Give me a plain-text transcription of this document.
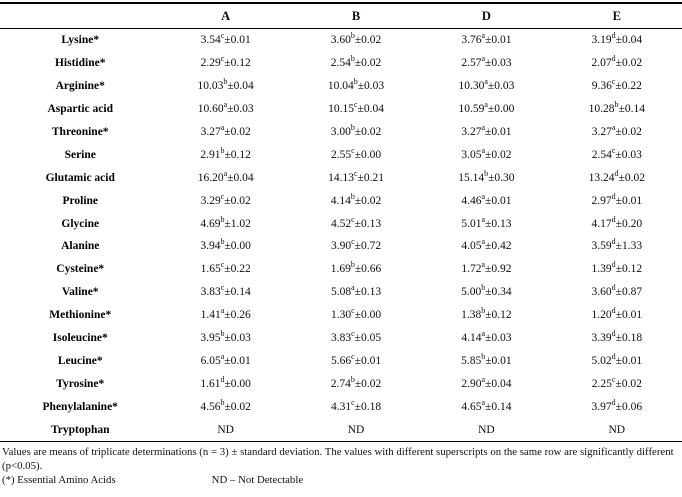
	A	B	D	E
Lysine*	3.54$^c$±0.01	3.60$^b$±0.02	3.76$^a$±0.01	3.19$^d$±0.04
Histidine*	2.29$^c$±0.12	2.54$^b$±0.02	2.57$^a$±0.03	2.07$^d$±0.02
Arginine*	10.03$^b$±0.04	10.04$^b$±0.03	10.30$^a$±0.03	9.36$^c$±0.22
Aspartic acid	10.60$^a$±0.03	10.15$^c$±0.04	10.59$^a$±0.00	10.28$^b$±0.14
Threonine*	3.27$^a$±0.02	3.00$^b$±0.02	3.27$^a$±0.01	3.27$^a$±0.02
Serine	2.91$^b$±0.12	2.55$^c$±0.00	3.05$^a$±0.02	2.54$^c$±0.03
Glutamic acid	16.20$^a$±0.04	14.13$^c$±0.21	15.14$^b$±0.30	13.24$^d$±0.02
Proline	3.29$^c$±0.02	4.14$^b$±0.02	4.46$^a$±0.01	2.97$^d$±0.01
Glycine	4.69$^b$±1.02	4.52$^c$±0.13	5.01$^a$±0.13	4.17$^d$±0.20
Alanine	3.94$^b$±0.00	3.90$^c$±0.72	4.05$^a$±0.42	3.59$^d$±1.33
Cysteine*	1.65$^c$±0.22	1.69$^b$±0.66	1.72$^a$±0.92	1.39$^d$±0.12
Valine*	3.83$^c$±0.14	5.08$^a$±0.13	5.00$^b$±0.34	3.60$^d$±0.87
Methionine*	1.41$^a$±0.26	1.30$^c$±0.00	1.38$^b$±0.12	1.20$^d$±0.01
Isoleucine*	3.95$^b$±0.03	3.83$^c$±0.05	4.14$^a$±0.03	3.39$^d$±0.18
Leucine*	6.05$^a$±0.01	5.66$^c$±0.01	5.85$^b$±0.01	5.02$^d$±0.01
Tyrosine*	1.61$^d$±0.00	2.74$^b$±0.02	2.90$^a$±0.04	2.25$^c$±0.02
Phenylalanine*	4.56$^b$±0.02	4.31$^c$±0.18	4.65$^a$±0.14	3.97$^d$±0.06
Tryptophan	ND	ND	ND	ND
Values are means of triplicate determinations (n = 3) ± standard deviation. The values with different superscripts on the same row are significantly different (p<0.05).
(*) Essential Amino Acids	ND – Not Detectable
